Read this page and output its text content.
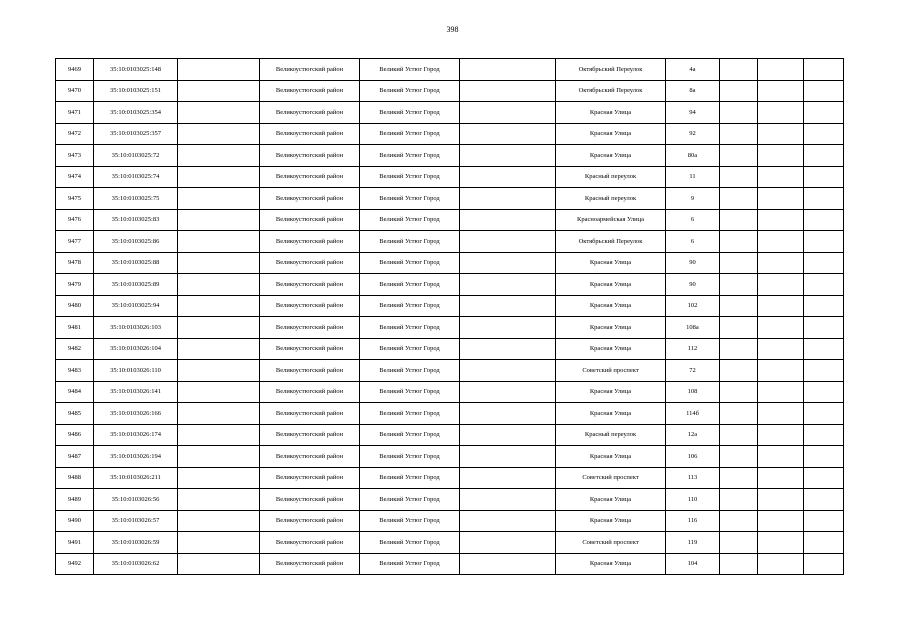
398
9469	35:10:0103025:148		Великоустюгский район	Великий Устюг Город		Октябрьский Переулок	4а			
9470	35:10:0103025:151		Великоустюгский район	Великий Устюг Город		Октябрьский Переулок	8а			
9471	35:10:0103025:354		Великоустюгский район	Великий Устюг Город		Красная Улица	94			
9472	35:10:0103025:357		Великоустюгский район	Великий Устюг Город		Красная Улица	92			
9473	35:10:0103025:72		Великоустюгский район	Великий Устюг Город		Красная Улица	80а			
9474	35:10:0103025:74		Великоустюгский район	Великий Устюг Город		Красный переулок	11			
9475	35:10:0103025:75		Великоустюгский район	Великий Устюг Город		Красный переулок	9			
9476	35:10:0103025:83		Великоустюгский район	Великий Устюг Город		Красноармейская Улица	6			
9477	35:10:0103025:86		Великоустюгский район	Великий Устюг Город		Октябрьский Переулок	6			
9478	35:10:0103025:88		Великоустюгский район	Великий Устюг Город		Красная Улица	90			
9479	35:10:0103025:89		Великоустюгский район	Великий Устюг Город		Красная Улица	90			
9480	35:10:0103025:94		Великоустюгский район	Великий Устюг Город		Красная Улица	102			
9481	35:10:0103026:103		Великоустюгский район	Великий Устюг Город		Красная Улица	108а			
9482	35:10:0103026:104		Великоустюгский район	Великий Устюг Город		Красная Улица	112			
9483	35:10:0103026:110		Великоустюгский район	Великий Устюг Город		Советский проспект	72			
9484	35:10:0103026:141		Великоустюгский район	Великий Устюг Город		Красная Улица	108			
9485	35:10:0103026:166		Великоустюгский район	Великий Устюг Город		Красная Улица	114б			
9486	35:10:0103026:174		Великоустюгский район	Великий Устюг Город		Красный переулок	12а			
9487	35:10:0103026:194		Великоустюгский район	Великий Устюг Город		Красная Улица	106			
9488	35:10:0103026:211		Великоустюгский район	Великий Устюг Город		Советский проспект	113			
9489	35:10:0103026:56		Великоустюгский район	Великий Устюг Город		Красная Улица	110			
9490	35:10:0103026:57		Великоустюгский район	Великий Устюг Город		Красная Улица	116			
9491	35:10:0103026:59		Великоустюгский район	Великий Устюг Город		Советский проспект	119			
9492	35:10:0103026:62		Великоустюгский район	Великий Устюг Город		Красная Улица	104			
